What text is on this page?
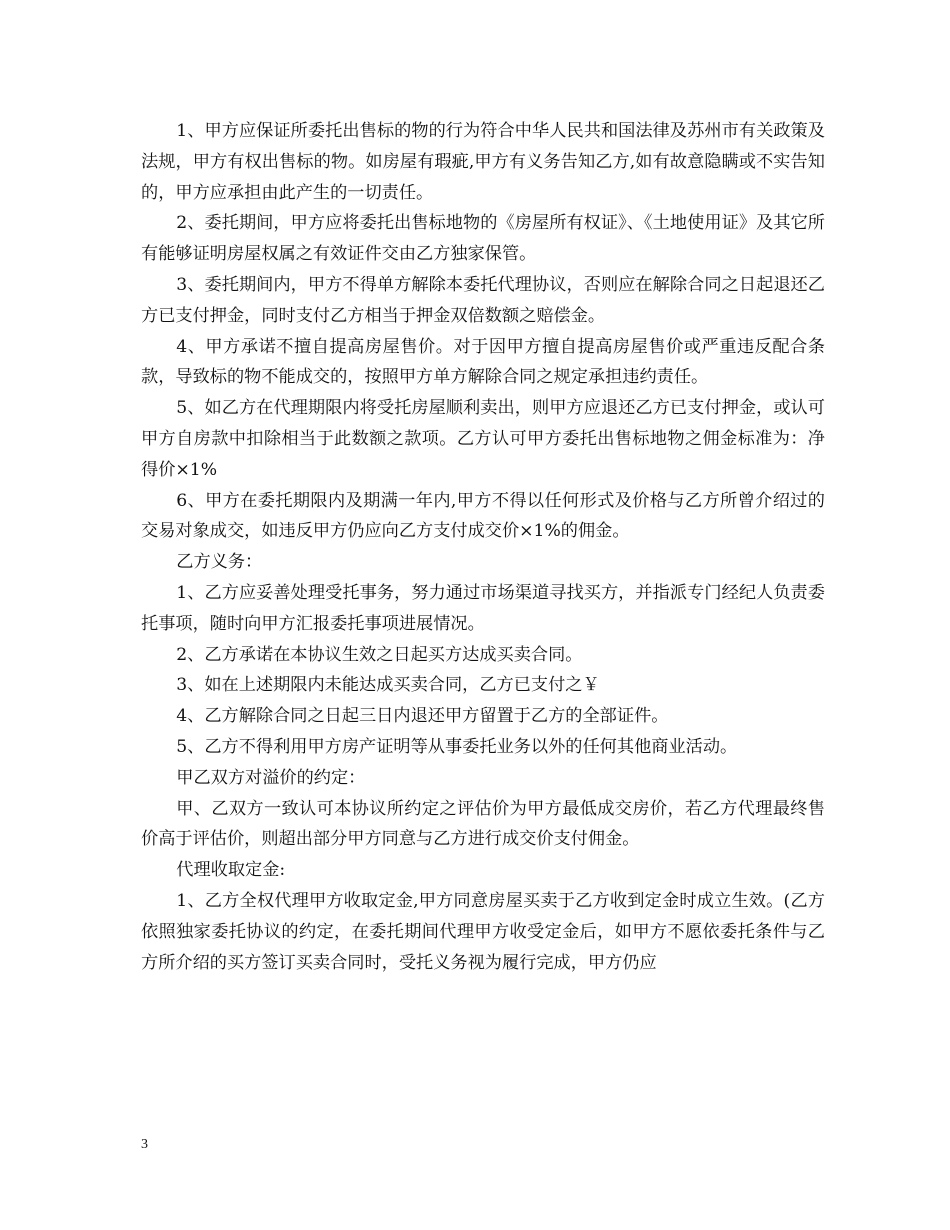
1、甲方应保证所委托出售标的物的行为符合中华人民共和国法律及苏州市有关政策及法规，甲方有权出售标的物。如房屋有瑕疵,甲方有义务告知乙方,如有故意隐瞒或不实告知的，甲方应承担由此产生的一切责任。

2、委托期间，甲方应将委托出售标地物的《房屋所有权证》、《土地使用证》及其它所有能够证明房屋权属之有效证件交由乙方独家保管。

3、委托期间内，甲方不得单方解除本委托代理协议，否则应在解除合同之日起退还乙方已支付押金，同时支付乙方相当于押金双倍数额之赔偿金。

4、甲方承诺不擅自提高房屋售价。对于因甲方擅自提高房屋售价或严重违反配合条款，导致标的物不能成交的，按照甲方单方解除合同之规定承担违约责任。

5、如乙方在代理期限内将受托房屋顺利卖出，则甲方应退还乙方已支付押金，或认可甲方自房款中扣除相当于此数额之款项。乙方认可甲方委托出售标地物之佣金标准为：净得价×1%

6、甲方在委托期限内及期满一年内,甲方不得以任何形式及价格与乙方所曾介绍过的交易对象成交，如违反甲方仍应向乙方支付成交价×1%的佣金。

乙方义务：

1、乙方应妥善处理受托事务，努力通过市场渠道寻找买方，并指派专门经纪人负责委托事项，随时向甲方汇报委托事项进展情况。

2、乙方承诺在本协议生效之日起买方达成买卖合同。

3、如在上述期限内未能达成买卖合同，乙方已支付之￥

4、乙方解除合同之日起三日内退还甲方留置于乙方的全部证件。

5、乙方不得利用甲方房产证明等从事委托业务以外的任何其他商业活动。

甲乙双方对溢价的约定：

甲、乙双方一致认可本协议所约定之评估价为甲方最低成交房价，若乙方代理最终售价高于评估价，则超出部分甲方同意与乙方进行成交价支付佣金。

代理收取定金:

1、乙方全权代理甲方收取定金,甲方同意房屋买卖于乙方收到定金时成立生效。(乙方依照独家委托协议的约定，在委托期间代理甲方收受定金后，如甲方不愿依委托条件与乙方所介绍的买方签订买卖合同时，受托义务视为履行完成，甲方仍应

3
